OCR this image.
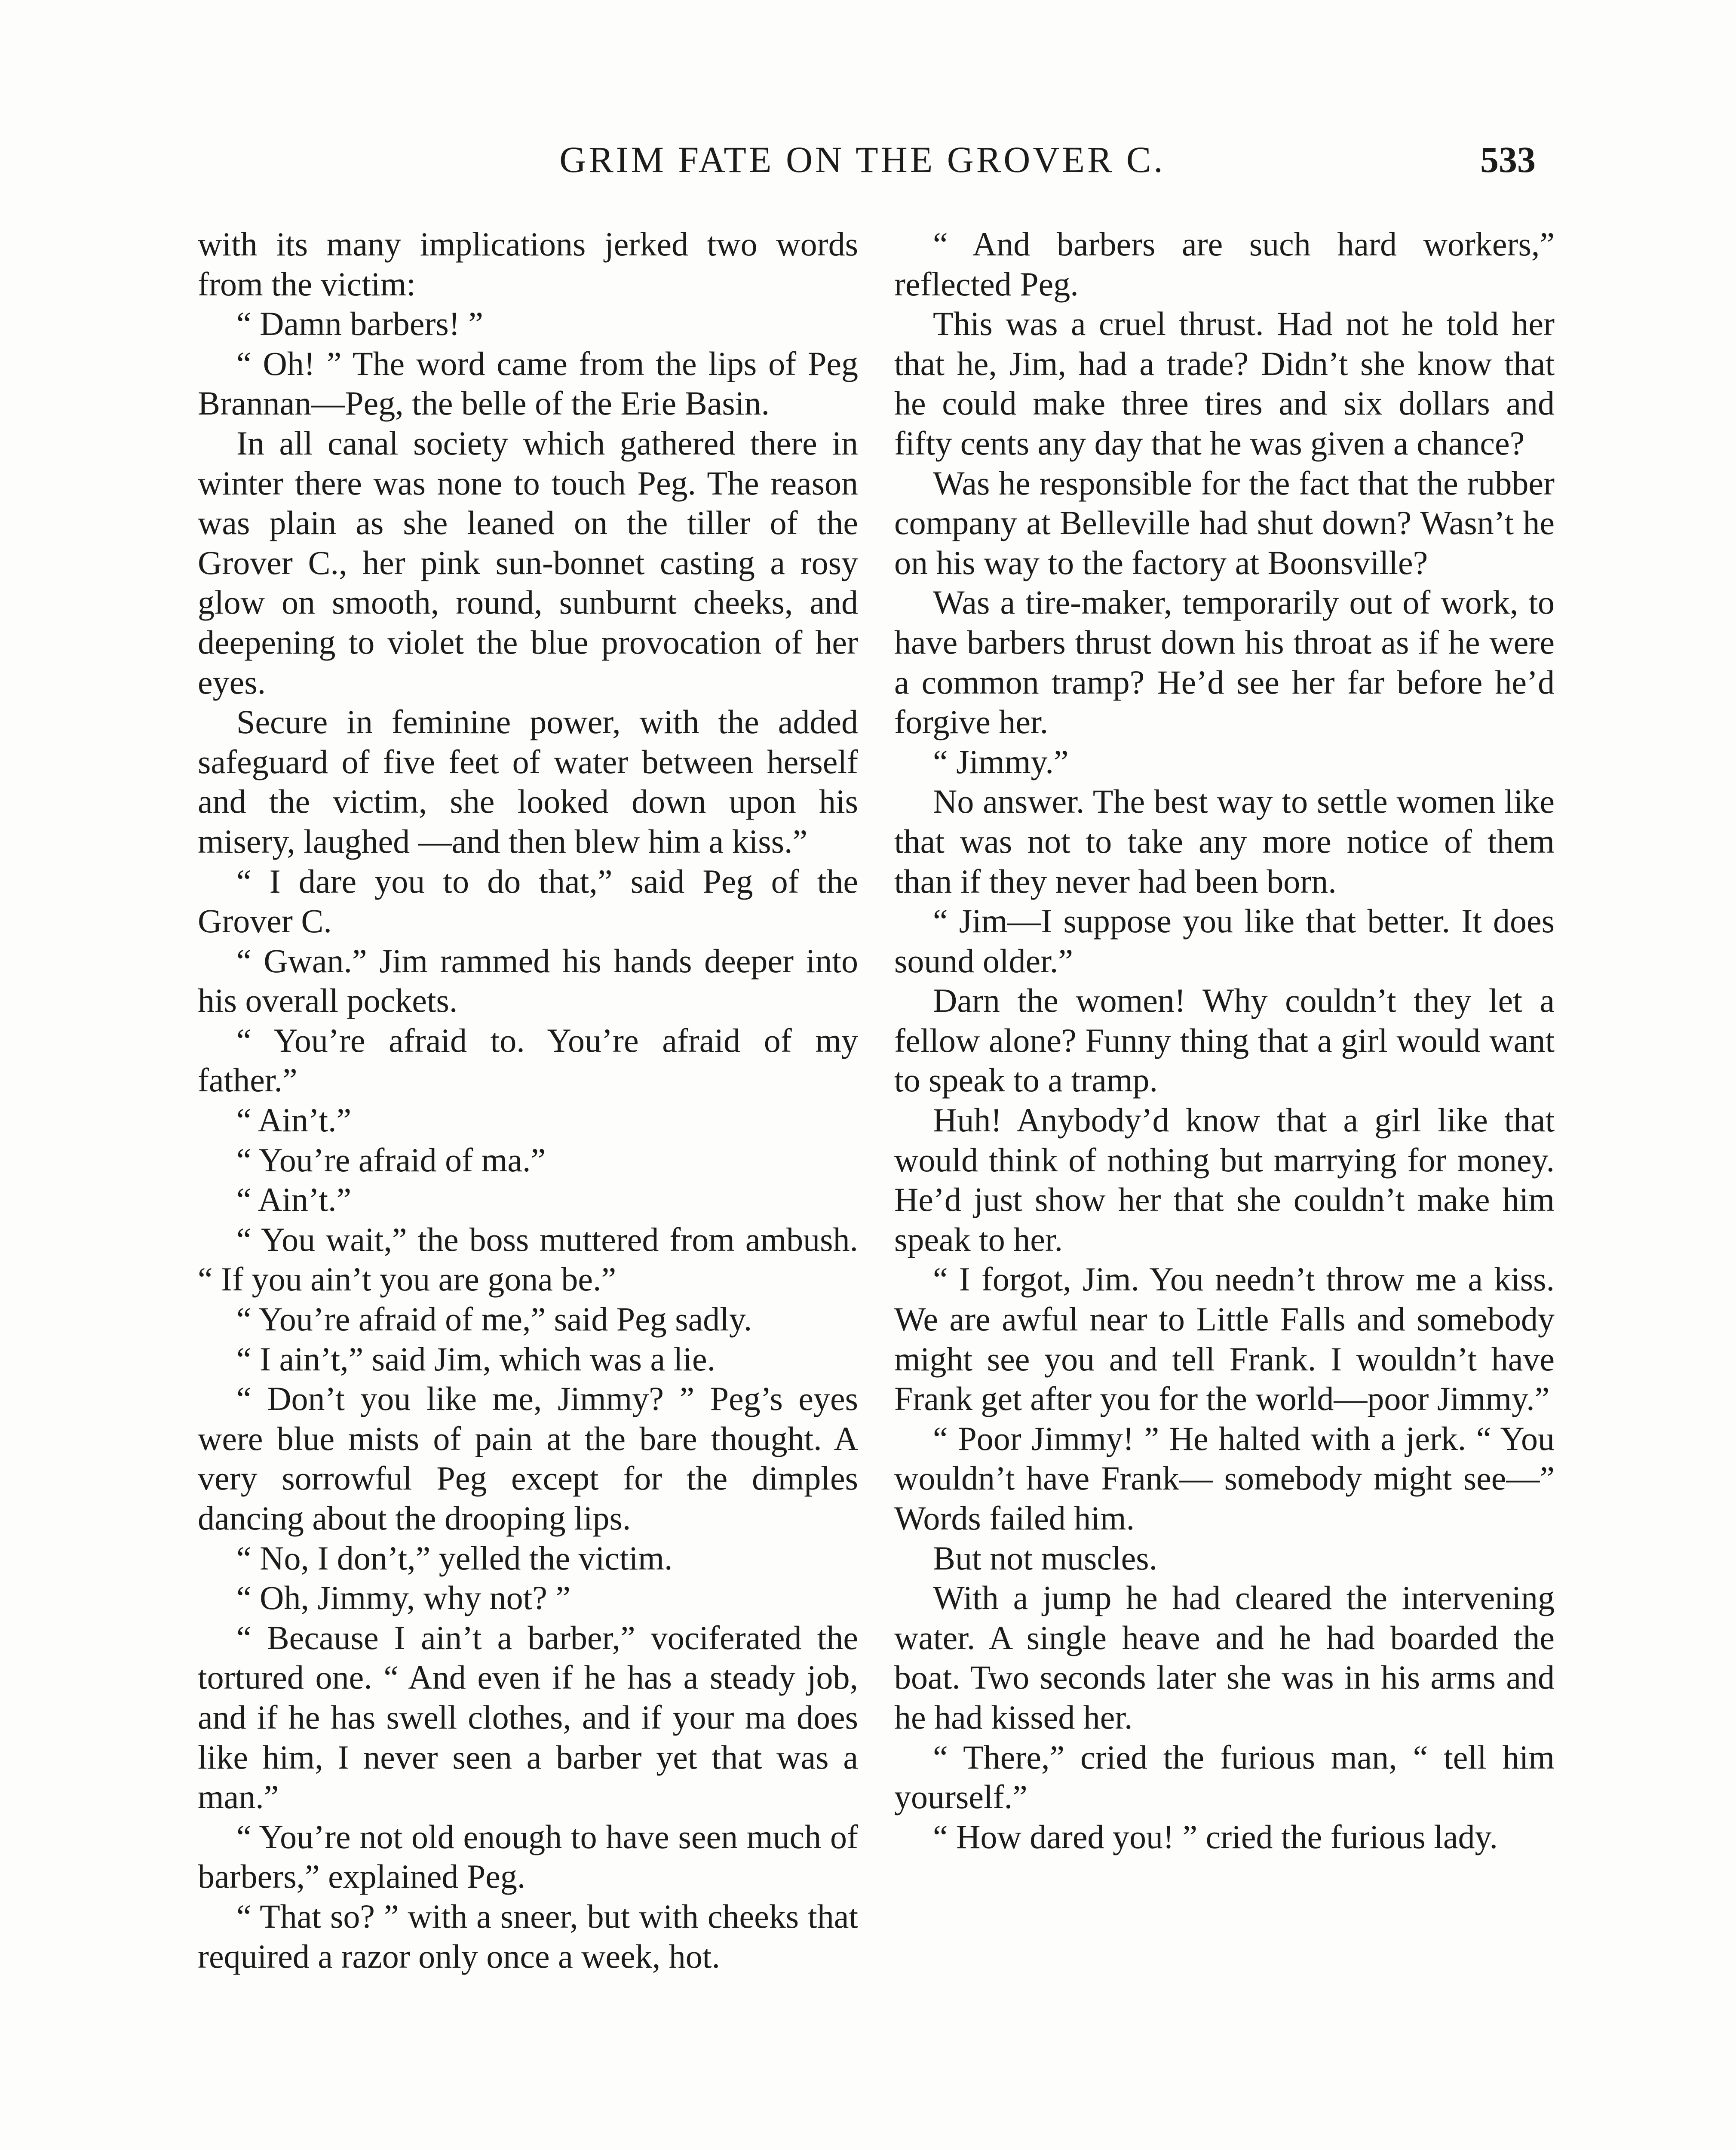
GRIM FATE ON THE GROVER C.	533

with its many implications jerked two words from the victim:

“ Damn barbers! ”

“ Oh! ” The word came from the lips of Peg Brannan—Peg, the belle of the Erie Basin.

In all canal society which gathered there in winter there was none to touch Peg. The reason was plain as she leaned on the tiller of the Grover C., her pink sun-bonnet casting a rosy glow on smooth, round, sunburnt cheeks, and deepening to violet the blue provocation of her eyes.

Secure in feminine power, with the added safeguard of five feet of water between herself and the victim, she looked down upon his misery, laughed —and then blew him a kiss.”

“ I dare you to do that,” said Peg of the Grover C.

“ Gwan.” Jim rammed his hands deeper into his overall pockets.

“ You’re afraid to. You’re afraid of my father.”

“ Ain’t.”

“ You’re afraid of ma.”

“ Ain’t.”

“ You wait,” the boss muttered from ambush. “ If you ain’t you are gona be.”

“ You’re afraid of me,” said Peg sadly.

“ I ain’t,” said Jim, which was a lie.

“ Don’t you like me, Jimmy? ” Peg’s eyes were blue mists of pain at the bare thought. A very sorrowful Peg except for the dimples dancing about the drooping lips.

“ No, I don’t,” yelled the victim.

“ Oh, Jimmy, why not? ”

“ Because I ain’t a barber,” vociferated the tortured one. “ And even if he has a steady job, and if he has swell clothes, and if your ma does like him, I never seen a barber yet that was a man.”

“ You’re not old enough to have seen much of barbers,” explained Peg.

“ That so? ” with a sneer, but with cheeks that required a razor only once a week, hot.

“ And barbers are such hard workers,” reflected Peg.

This was a cruel thrust. Had not he told her that he, Jim, had a trade? Didn’t she know that he could make three tires and six dollars and fifty cents any day that he was given a chance?

Was he responsible for the fact that the rubber company at Belleville had shut down? Wasn’t he on his way to the factory at Boonsville?

Was a tire-maker, temporarily out of work, to have barbers thrust down his throat as if he were a common tramp? He’d see her far before he’d forgive her.

“ Jimmy.”

No answer. The best way to settle women like that was not to take any more notice of them than if they never had been born.

“ Jim—I suppose you like that better. It does sound older.”

Darn the women! Why couldn’t they let a fellow alone? Funny thing that a girl would want to speak to a tramp.

Huh! Anybody’d know that a girl like that would think of nothing but marrying for money. He’d just show her that she couldn’t make him speak to her.

“ I forgot, Jim. You needn’t throw me a kiss. We are awful near to Little Falls and somebody might see you and tell Frank. I wouldn’t have Frank get after you for the world—poor Jimmy.”

“ Poor Jimmy! ” He halted with a jerk. “ You wouldn’t have Frank— somebody might see—” Words failed him.

But not muscles.

With a jump he had cleared the intervening water. A single heave and he had boarded the boat. Two seconds later she was in his arms and he had kissed her.

“ There,” cried the furious man, “ tell him yourself.”

“ How dared you! ” cried the furious lady.
